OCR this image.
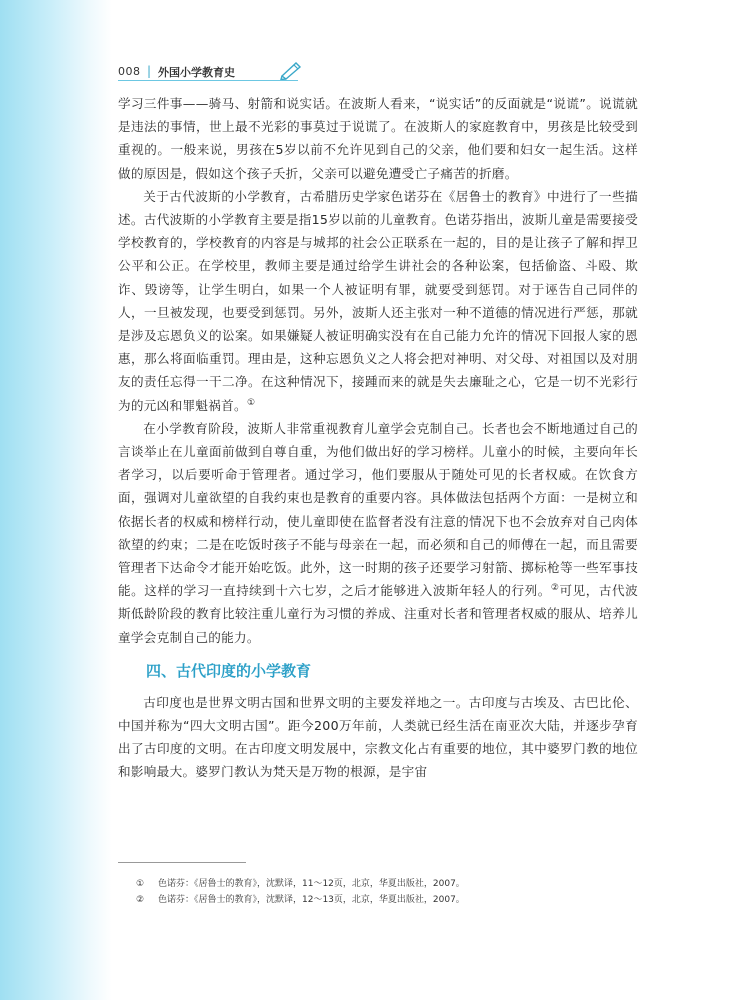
008 | 外国小学教育史

学习三件事——骑马、射箭和说实话。在波斯人看来，“说实话”的反面就是“说谎”。说谎就是违法的事情，世上最不光彩的事莫过于说谎了。在波斯人的家庭教育中，男孩是比较受到重视的。一般来说，男孩在5岁以前不允许见到自己的父亲，他们要和妇女一起生活。这样做的原因是，假如这个孩子夭折，父亲可以避免遭受亡子痛苦的折磨。

关于古代波斯的小学教育，古希腊历史学家色诺芬在《居鲁士的教育》中进行了一些描述。古代波斯的小学教育主要是指15岁以前的儿童教育。色诺芬指出，波斯儿童是需要接受学校教育的，学校教育的内容是与城邦的社会公正联系在一起的，目的是让孩子了解和捍卫公平和公正。在学校里，教师主要是通过给学生讲社会的各种讼案，包括偷盗、斗殴、欺诈、毁谤等，让学生明白，如果一个人被证明有罪，就要受到惩罚。对于诬告自己同伴的人，一旦被发现，也要受到惩罚。另外，波斯人还主张对一种不道德的情况进行严惩，那就是涉及忘恩负义的讼案。如果嫌疑人被证明确实没有在自己能力允许的情况下回报人家的恩惠，那么将面临重罚。理由是，这种忘恩负义之人将会把对神明、对父母、对祖国以及对朋友的责任忘得一干二净。在这种情况下，接踵而来的就是失去廉耻之心，它是一切不光彩行为的元凶和罪魁祸首。①

在小学教育阶段，波斯人非常重视教育儿童学会克制自己。长者也会不断地通过自己的言谈举止在儿童面前做到自尊自重，为他们做出好的学习榜样。儿童小的时候，主要向年长者学习，以后要听命于管理者。通过学习，他们要服从于随处可见的长者权威。在饮食方面，强调对儿童欲望的自我约束也是教育的重要内容。具体做法包括两个方面：一是树立和依据长者的权威和榜样行动，使儿童即使在监督者没有注意的情况下也不会放弃对自己肉体欲望的约束；二是在吃饭时孩子不能与母亲在一起，而必须和自己的师傅在一起，而且需要管理者下达命令才能开始吃饭。此外，这一时期的孩子还要学习射箭、掷标枪等一些军事技能。这样的学习一直持续到十六七岁，之后才能够进入波斯年轻人的行列。②可见，古代波斯低龄阶段的教育比较注重儿童行为习惯的养成、注重对长者和管理者权威的服从、培养儿童学会克制自己的能力。

四、古代印度的小学教育

古印度也是世界文明古国和世界文明的主要发祥地之一。古印度与古埃及、古巴比伦、中国并称为“四大文明古国”。距今200万年前，人类就已经生活在南亚次大陆，并逐步孕育出了古印度的文明。在古印度文明发展中，宗教文化占有重要的地位，其中婆罗门教的地位和影响最大。婆罗门教认为梵天是万物的根源，是宇宙

①	色诺芬：《居鲁士的教育》，沈默译，11～12页，北京，华夏出版社，2007。
②	色诺芬：《居鲁士的教育》，沈默译，12～13页，北京，华夏出版社，2007。
